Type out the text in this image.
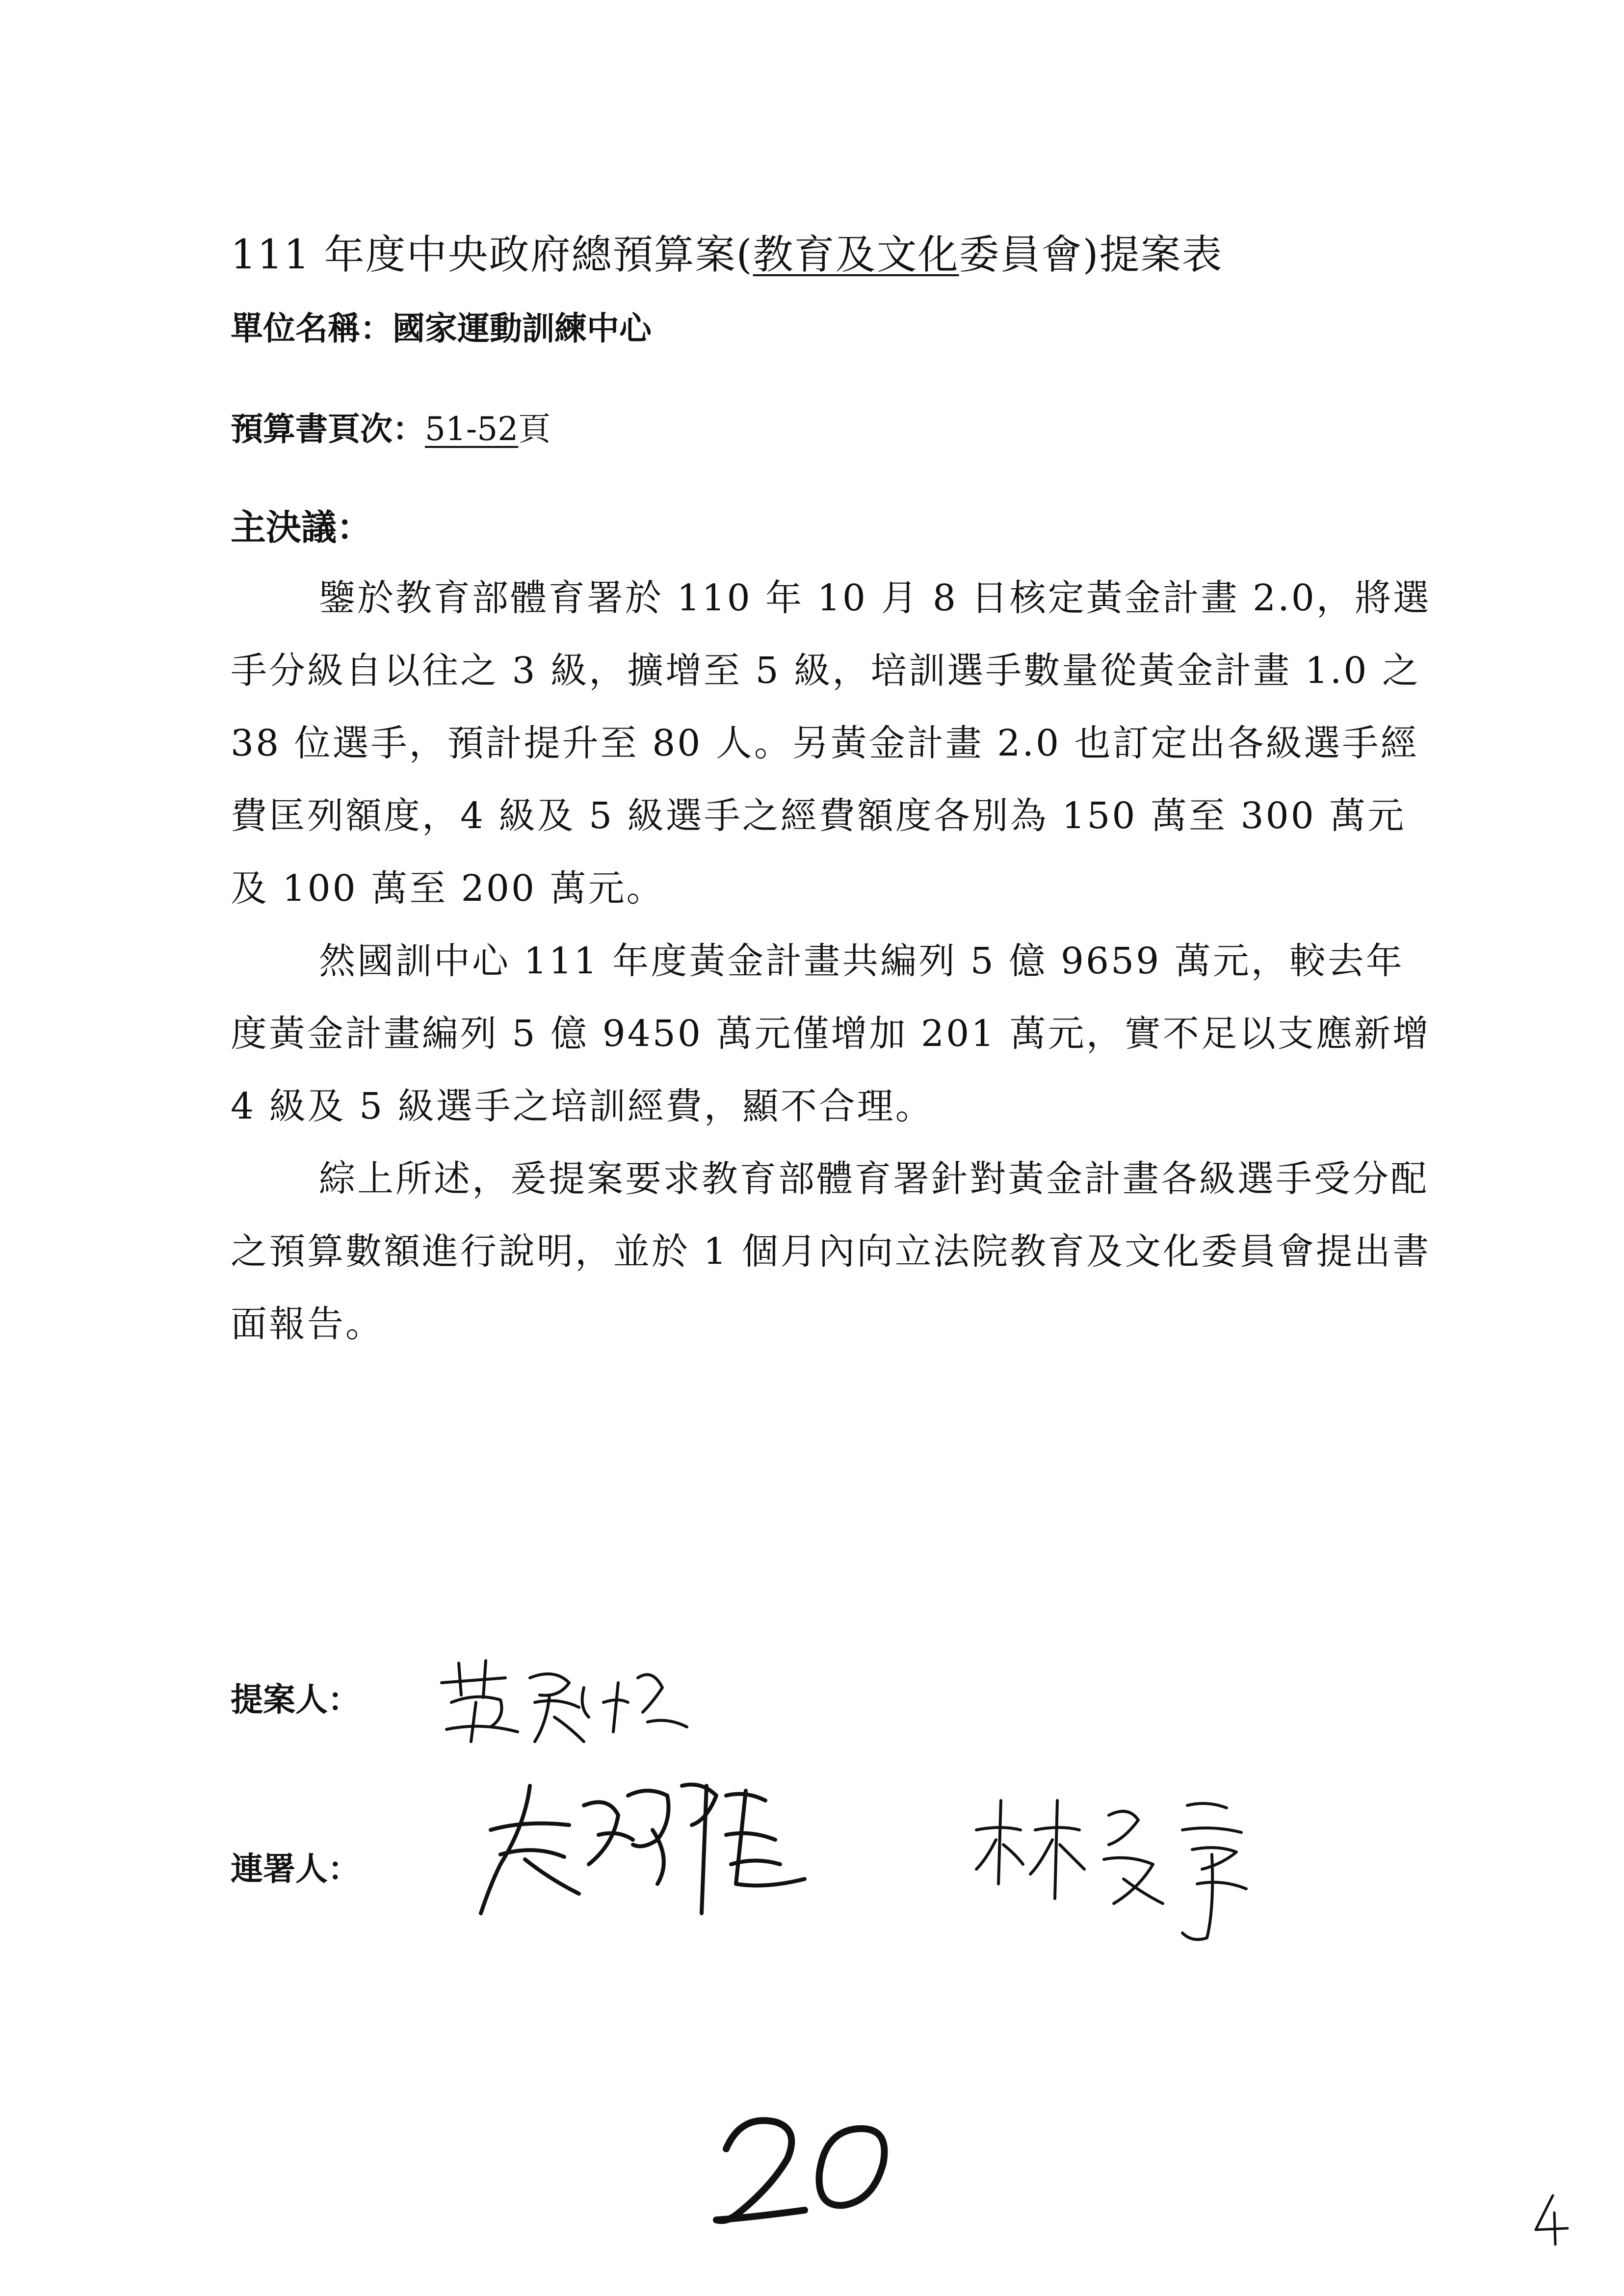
111 年度中央政府總預算案(教育及文化委員會)提案表
單位名稱：國家運動訓練中心
預算書頁次：51-52頁
主決議：

鑒於教育部體育署於 110 年 10 月 8 日核定黃金計畫 2.0，將選手分級自以往之 3 級，擴增至 5 級，培訓選手數量從黃金計畫 1.0 之 38 位選手，預計提升至 80 人。另黃金計畫 2.0 也訂定出各級選手經費匡列額度，4 級及 5 級選手之經費額度各別為 150 萬至 300 萬元及 100 萬至 200 萬元。

然國訓中心 111 年度黃金計畫共編列 5 億 9659 萬元，較去年度黃金計畫編列 5 億 9450 萬元僅增加 201 萬元，實不足以支應新增 4 級及 5 級選手之培訓經費，顯不合理。

綜上所述，爰提案要求教育部體育署針對黃金計畫各級選手受分配之預算數額進行說明，並於 1 個月內向立法院教育及文化委員會提出書面報告。

提案人：
連署人：
